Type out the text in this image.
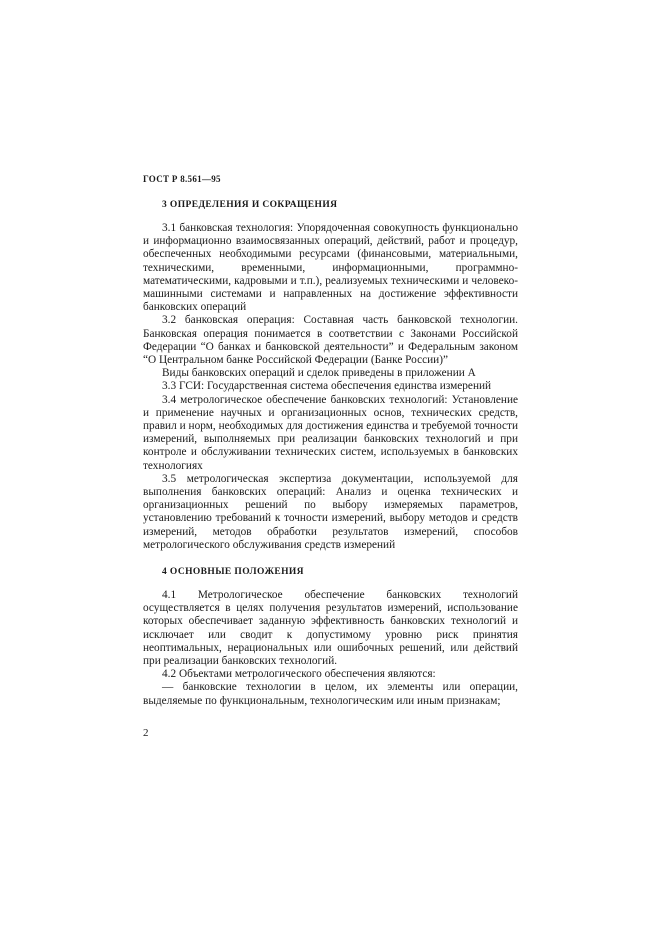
ГОСТ Р 8.561—95
3 ОПРЕДЕЛЕНИЯ И СОКРАЩЕНИЯ

3.1 банковская технология: Упорядоченная совокупность функционально и информационно взаимосвязанных операций, действий, работ и процедур, обеспеченных необходимыми ресурсами (финансовыми, материальными, техническими, временными, информационными, программно-математическими, кадровыми и т.п.), реализуемых техническими и человеко-машинными системами и направленных на достижение эффективности банковских операций

3.2 банковская операция: Составная часть банковской технологии. Банковская операция понимается в соответствии с Законами Российской Федерации “О банках и банковской деятельности” и Федеральным законом “О Центральном банке Российской Федерации (Банке России)”

Виды банковских операций и сделок приведены в приложении А

3.3 ГСИ: Государственная система обеспечения единства измерений

3.4 метрологическое обеспечение банковских технологий: Установление и применение научных и организационных основ, технических средств, правил и норм, необходимых для достижения единства и требуемой точности измерений, выполняемых при реализации банковских технологий и при контроле и обслуживании технических систем, используемых в банковских технологиях

3.5 метрологическая экспертиза документации, используемой для выполнения банковских операций: Анализ и оценка технических и организационных решений по выбору измеряемых параметров, установлению требований к точности измерений, выбору методов и средств измерений, методов обработки результатов измерений, способов метрологического обслуживания средств измерений

4 ОСНОВНЫЕ ПОЛОЖЕНИЯ

4.1 Метрологическое обеспечение банковских технологий осуществляется в целях получения результатов измерений, использование которых обеспечивает заданную эффективность банковских технологий и исключает или сводит к допустимому уровню риск принятия неоптимальных, нерациональных или ошибочных решений, или действий при реализации банковских технологий.

4.2 Объектами метрологического обеспечения являются:

— банковские технологии в целом, их элементы или операции, выделяемые по функциональным, технологическим или иным признакам;

2
